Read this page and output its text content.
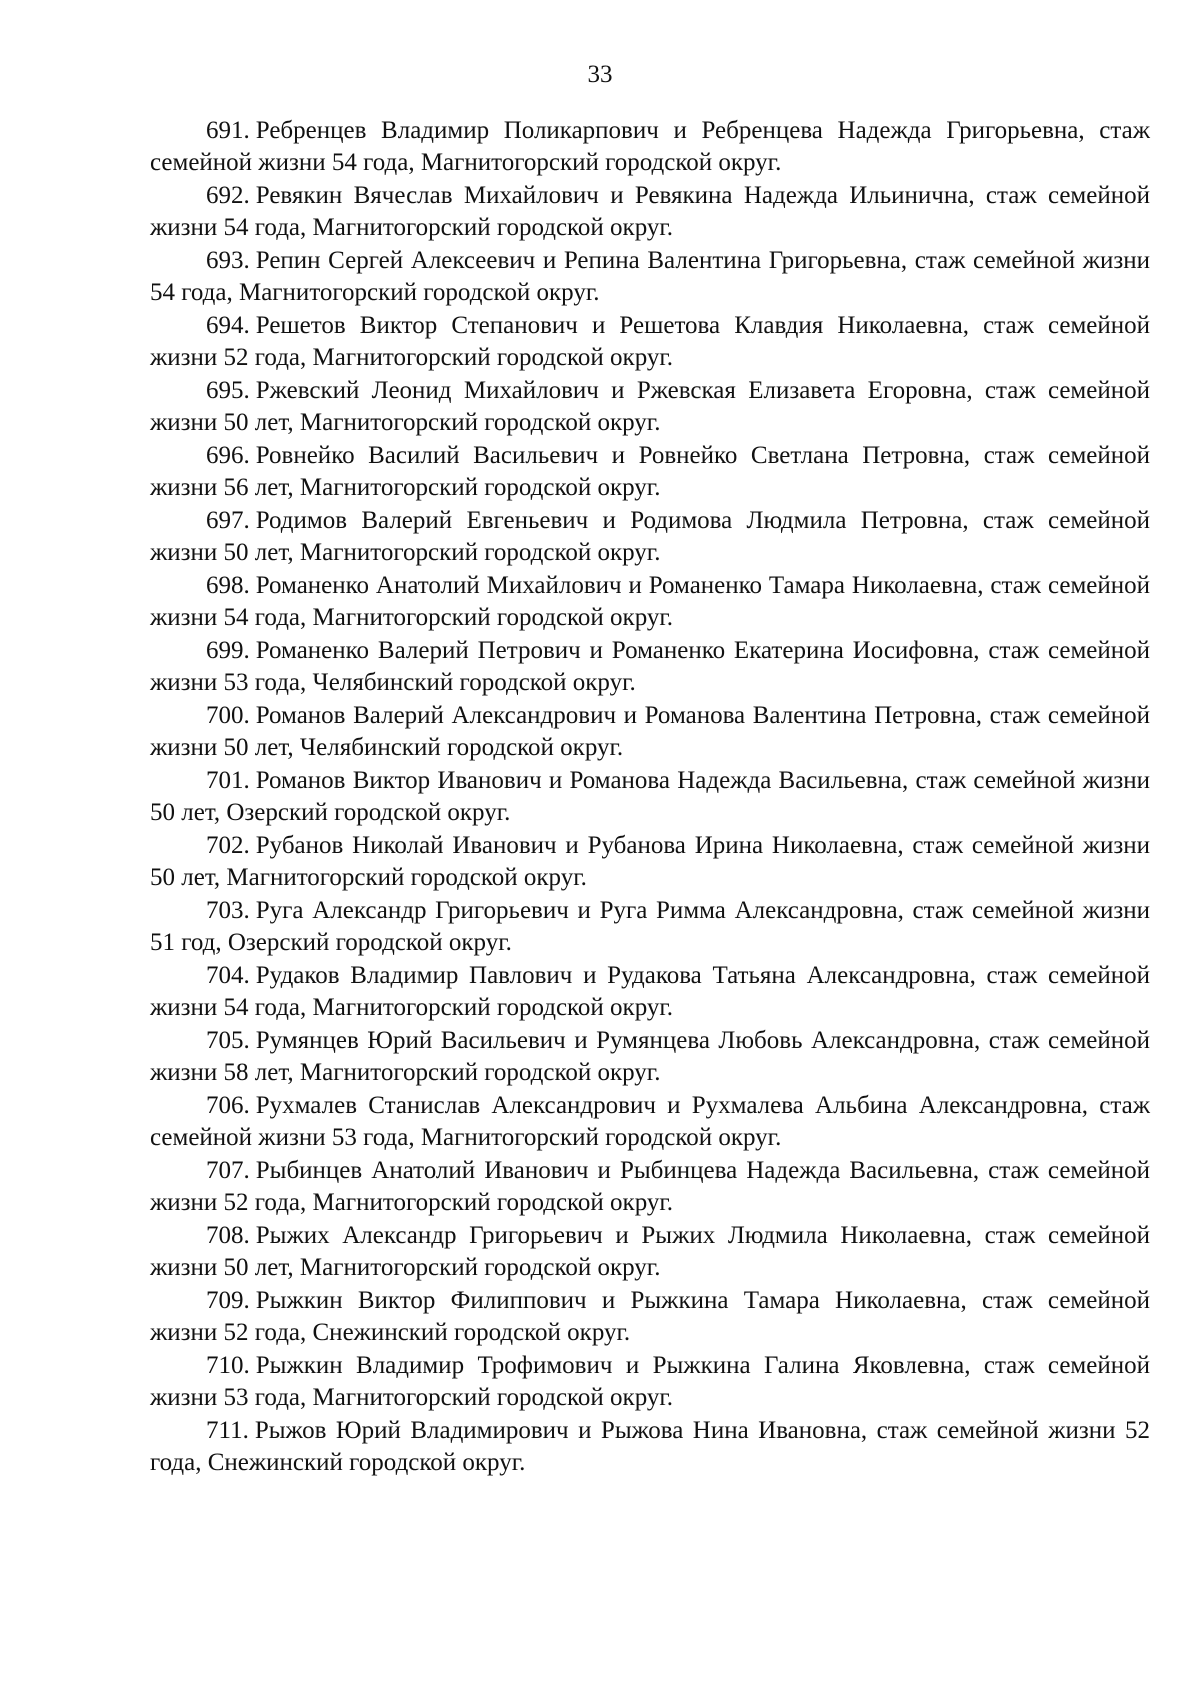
33
691. Ребренцев Владимир Поликарпович и Ребренцева Надежда Григорьевна, стаж семейной жизни 54 года, Магнитогорский городской округ.
692. Ревякин Вячеслав Михайлович и Ревякина Надежда Ильинична, стаж семейной жизни 54 года, Магнитогорский городской округ.
693. Репин Сергей Алексеевич и Репина Валентина Григорьевна, стаж семейной жизни 54 года, Магнитогорский городской округ.
694. Решетов Виктор Степанович и Решетова Клавдия Николаевна, стаж семейной жизни 52 года, Магнитогорский городской округ.
695. Ржевский Леонид Михайлович и Ржевская Елизавета Егоровна, стаж семейной жизни 50 лет, Магнитогорский городской округ.
696. Ровнейко Василий Васильевич и Ровнейко Светлана Петровна, стаж семейной жизни 56 лет, Магнитогорский городской округ.
697. Родимов Валерий Евгеньевич и Родимова Людмила Петровна, стаж семейной жизни 50 лет, Магнитогорский городской округ.
698. Романенко Анатолий Михайлович и Романенко Тамара Николаевна, стаж семейной жизни 54 года, Магнитогорский городской округ.
699. Романенко Валерий Петрович и Романенко Екатерина Иосифовна, стаж семейной жизни 53 года, Челябинский городской округ.
700. Романов Валерий Александрович и Романова Валентина Петровна, стаж семейной жизни 50 лет, Челябинский городской округ.
701. Романов Виктор Иванович и Романова Надежда Васильевна, стаж семейной жизни 50 лет, Озерский городской округ.
702. Рубанов Николай Иванович и Рубанова Ирина Николаевна, стаж семейной жизни 50 лет, Магнитогорский городской округ.
703. Руга Александр Григорьевич и Руга Римма Александровна, стаж семейной жизни 51 год, Озерский городской округ.
704. Рудаков Владимир Павлович и Рудакова Татьяна Александровна, стаж семейной жизни 54 года, Магнитогорский городской округ.
705. Румянцев Юрий Васильевич и Румянцева Любовь Александровна, стаж семейной жизни 58 лет, Магнитогорский городской округ.
706. Рухмалев Станислав Александрович и Рухмалева Альбина Александровна, стаж семейной жизни 53 года, Магнитогорский городской округ.
707. Рыбинцев Анатолий Иванович и Рыбинцева Надежда Васильевна, стаж семейной жизни 52 года, Магнитогорский городской округ.
708. Рыжих Александр Григорьевич и Рыжих Людмила Николаевна, стаж семейной жизни 50 лет, Магнитогорский городской округ.
709. Рыжкин Виктор Филиппович и Рыжкина Тамара Николаевна, стаж семейной жизни 52 года, Снежинский городской округ.
710. Рыжкин Владимир Трофимович и Рыжкина Галина Яковлевна, стаж семейной жизни 53 года, Магнитогорский городской округ.
711. Рыжов Юрий Владимирович и Рыжова Нина Ивановна, стаж семейной жизни 52 года, Снежинский городской округ.
